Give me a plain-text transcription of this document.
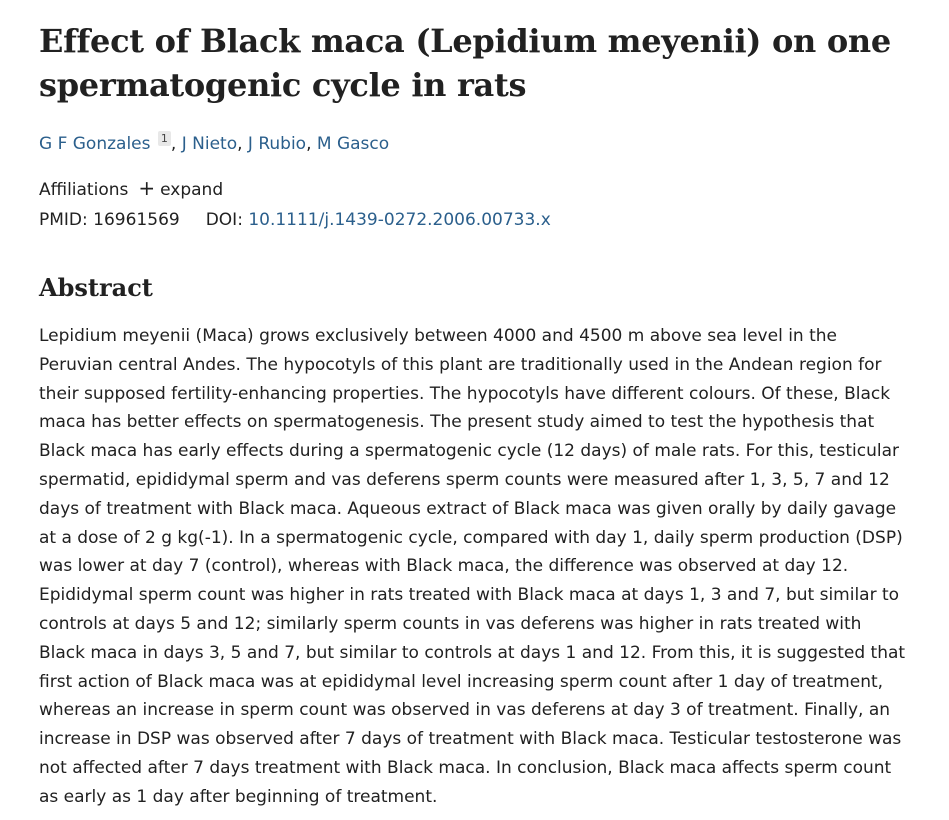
Effect of Black maca (Lepidium meyenii) on one spermatogenic cycle in rats

G F Gonzales $^1$ , J Nieto, J Rubio, M Gasco

Affiliations + expand

PMID: 16961569 DOI: 10.1111/j.1439-0272.2006.00733.x

Abstract

Lepidium meyenii (Maca) grows exclusively between 4000 and 4500 m above sea level in the Peruvian central Andes. The hypocotyls of this plant are traditionally used in the Andean region for their supposed fertility-enhancing properties. The hypocotyls have different colours. Of these, Black maca has better effects on spermatogenesis. The present study aimed to test the hypothesis that Black maca has early effects during a spermatogenic cycle (12 days) of male rats. For this, testicular spermatid, epididymal sperm and vas deferens sperm counts were measured after 1, 3, 5, 7 and 12 days of treatment with Black maca. Aqueous extract of Black maca was given orally by daily gavage at a dose of 2 g kg(-1). In a spermatogenic cycle, compared with day 1, daily sperm production (DSP) was lower at day 7 (control), whereas with Black maca, the difference was observed at day 12. Epididymal sperm count was higher in rats treated with Black maca at days 1, 3 and 7, but similar to controls at days 5 and 12; similarly sperm counts in vas deferens was higher in rats treated with Black maca in days 3, 5 and 7, but similar to controls at days 1 and 12. From this, it is suggested that first action of Black maca was at epididymal level increasing sperm count after 1 day of treatment, whereas an increase in sperm count was observed in vas deferens at day 3 of treatment. Finally, an increase in DSP was observed after 7 days of treatment with Black maca. Testicular testosterone was not affected after 7 days treatment with Black maca. In conclusion, Black maca affects sperm count as early as 1 day after beginning of treatment.
